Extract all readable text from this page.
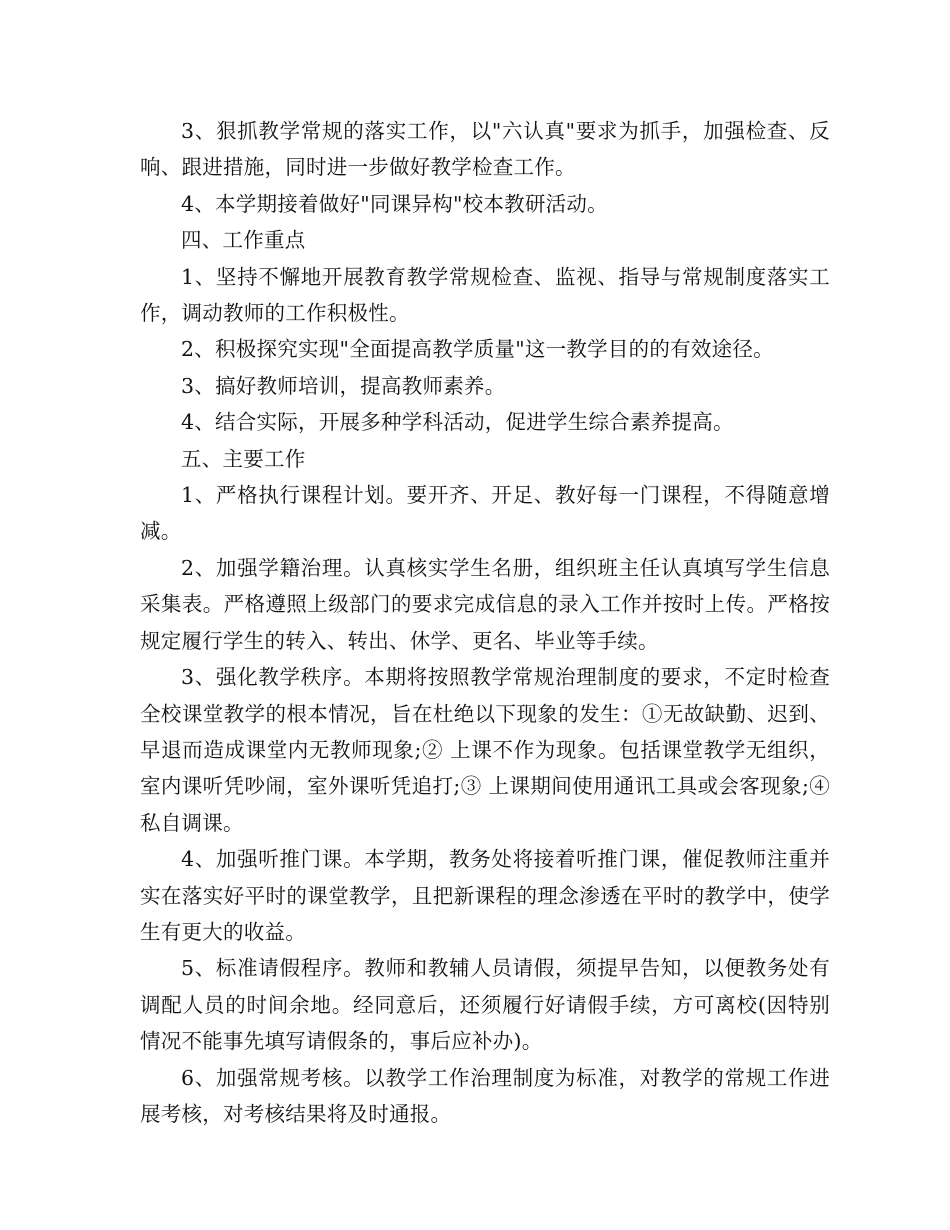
3、狠抓教学常规的落实工作，以"六认真"要求为抓手，加强检查、反响、跟进措施，同时进一步做好教学检查工作。

4、本学期接着做好"同课异构"校本教研活动。

四、工作重点

1、坚持不懈地开展教育教学常规检查、监视、指导与常规制度落实工作，调动教师的工作积极性。

2、积极探究实现"全面提高教学质量"这一教学目的的有效途径。

3、搞好教师培训，提高教师素养。

4、结合实际，开展多种学科活动，促进学生综合素养提高。

五、主要工作

1、严格执行课程计划。要开齐、开足、教好每一门课程，不得随意增减。

2、加强学籍治理。认真核实学生名册，组织班主任认真填写学生信息采集表。严格遵照上级部门的要求完成信息的录入工作并按时上传。严格按规定履行学生的转入、转出、休学、更名、毕业等手续。

3、强化教学秩序。本期将按照教学常规治理制度的要求，不定时检查全校课堂教学的根本情况，旨在杜绝以下现象的发生：①无故缺勤、迟到、早退而造成课堂内无教师现象;② 上课不作为现象。包括课堂教学无组织，室内课听凭吵闹，室外课听凭追打;③ 上课期间使用通讯工具或会客现象;④ 私自调课。

4、加强听推门课。本学期，教务处将接着听推门课，催促教师注重并实在落实好平时的课堂教学，且把新课程的理念渗透在平时的教学中，使学生有更大的收益。

5、标准请假程序。教师和教辅人员请假，须提早告知，以便教务处有调配人员的时间余地。经同意后，还须履行好请假手续，方可离校(因特别情况不能事先填写请假条的，事后应补办)。

6、加强常规考核。以教学工作治理制度为标准，对教学的常规工作进展考核，对考核结果将及时通报。
